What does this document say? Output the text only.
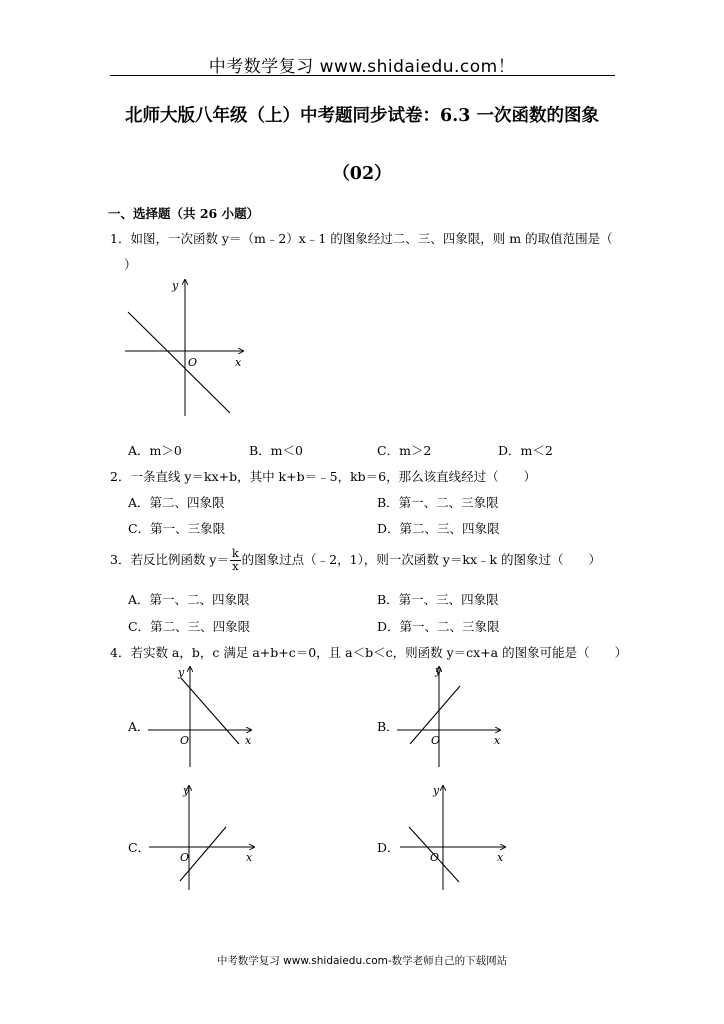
中考数学复习 www.shidaiedu.com！
北师大版八年级（上）中考题同步试卷：6.3 一次函数的图象
（02）
一、选择题（共 26 小题）
1．如图，一次函数 y＝（m﹣2）x﹣1 的图象经过二、三、四象限，则 m 的取值范围是（
）
y
x
O
A．m＞0	B．m＜0	C．m＞2	D．m＜2
2．一条直线 y＝kx+b，其中 k+b＝﹣5，kb＝6，那么该直线经过（　　）
A．第二、四象限	B．第一、二、三象限
C．第一、三象限	D．第二、三、四象限
3．若反比例函数 $y= \frac{k}{x}$ 的图象过点（﹣2，1），则一次函数 y＝kx﹣k 的图象过（　　）
A．第一、二、四象限	B．第一、三、四象限
C．第二、三、四象限	D．第一、二、三象限
4．若实数 a，b，c 满足 a+b+c＝0，且 a＜b＜c，则函数 y＝cx+a 的图象可能是（　　）
A．
y
x
O
B．
y
x
O
C．
y
x
O
D．
y
x
O
中考数学复习 www.shidaiedu.com-数学老师自己的下载网站
